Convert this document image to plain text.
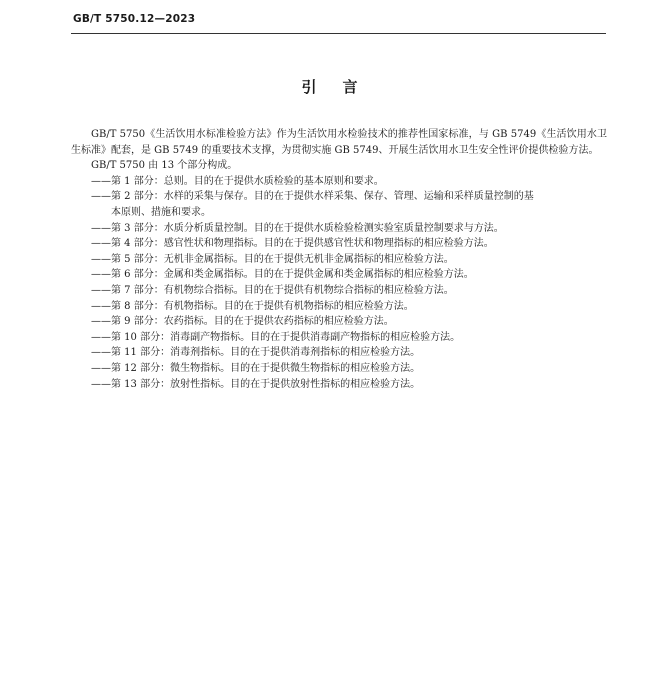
GB/T 5750.12—2023
引言

GB/T 5750《生活饮用水标准检验方法》作为生活饮用水检验技术的推荐性国家标准，与 GB 5749《生活饮用水卫生标准》配套，是 GB 5749 的重要技术支撑，为贯彻实施 GB 5749、开展生活饮用水卫生安全性评价提供检验方法。

GB/T 5750 由 13 个部分构成。

——第 1 部分：总则。目的在于提供水质检验的基本原则和要求。

——第 2 部分：水样的采集与保存。目的在于提供水样采集、保存、管理、运输和采样质量控制的基
本原则、措施和要求。

——第 3 部分：水质分析质量控制。目的在于提供水质检验检测实验室质量控制要求与方法。

——第 4 部分：感官性状和物理指标。目的在于提供感官性状和物理指标的相应检验方法。

——第 5 部分：无机非金属指标。目的在于提供无机非金属指标的相应检验方法。

——第 6 部分：金属和类金属指标。目的在于提供金属和类金属指标的相应检验方法。

——第 7 部分：有机物综合指标。目的在于提供有机物综合指标的相应检验方法。

——第 8 部分：有机物指标。目的在于提供有机物指标的相应检验方法。

——第 9 部分：农药指标。目的在于提供农药指标的相应检验方法。

——第 10 部分：消毒副产物指标。目的在于提供消毒副产物指标的相应检验方法。

——第 11 部分：消毒剂指标。目的在于提供消毒剂指标的相应检验方法。

——第 12 部分：微生物指标。目的在于提供微生物指标的相应检验方法。

——第 13 部分：放射性指标。目的在于提供放射性指标的相应检验方法。
